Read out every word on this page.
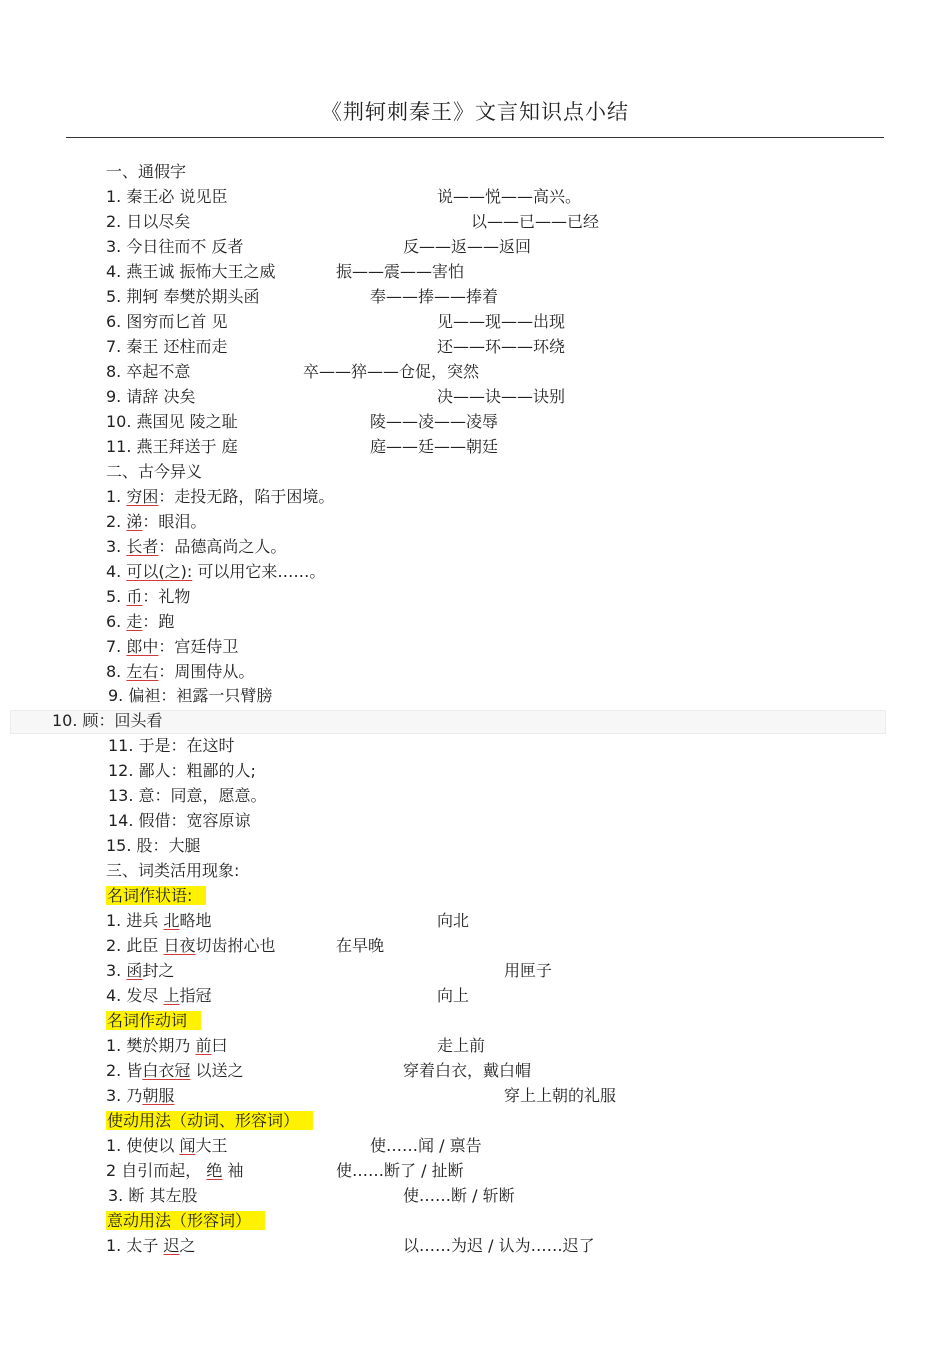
《荆轲刺秦王》文言知识点小结
一、通假字
1. 秦王必 说见臣	说——悦——高兴。
2. 日以尽矣	以——已——已经
3. 今日往而不 反者	反——返——返回
4. 燕王诚 振怖大王之威	振——震——害怕
5. 荆轲 奉樊於期头函	奉——捧——捧着
6. 图穷而匕首 见	见——现——出现
7. 秦王 还柱而走	还——环——环绕
8. 卒起不意	卒——猝——仓促，突然
9. 请辞 决矣	决——诀——诀别
10. 燕国见 陵之耻	陵——凌——凌辱
11. 燕王拜送于 庭	庭——廷——朝廷
二、古今异义
1. 穷困：走投无路，陷于困境。
2. 涕：眼泪。
3. 长者：品德高尚之人。
4. 可以(之): 可以用它来……。
5. 币：礼物
6. 走：跑
7. 郎中：宫廷侍卫
8. 左右：周围侍从。
9. 偏袒：袒露一只臂膀
10. 顾：回头看
11. 于是：在这时
12. 鄙人：粗鄙的人;
13. 意：同意，愿意。
14. 假借：宽容原谅
15. 股：大腿
三、词类活用现象:
名词作状语:
1. 进兵 北略地	向北
2. 此臣 日夜切齿拊心也	在早晚
3. 函封之	用匣子
4. 发尽 上指冠	向上
名词作动词
1. 樊於期乃 前曰	走上前
2. 皆白衣冠 以送之	穿着白衣，戴白帽
3. 乃朝服	穿上上朝的礼服
使动用法（动词、形容词）
1. 使使以 闻大王	使……闻 / 禀告
2 自引而起， 绝 袖	使……断了 / 扯断
3. 断 其左股	使……断 / 斩断
意动用法（形容词）
1. 太子 迟之	以……为迟 / 认为……迟了
